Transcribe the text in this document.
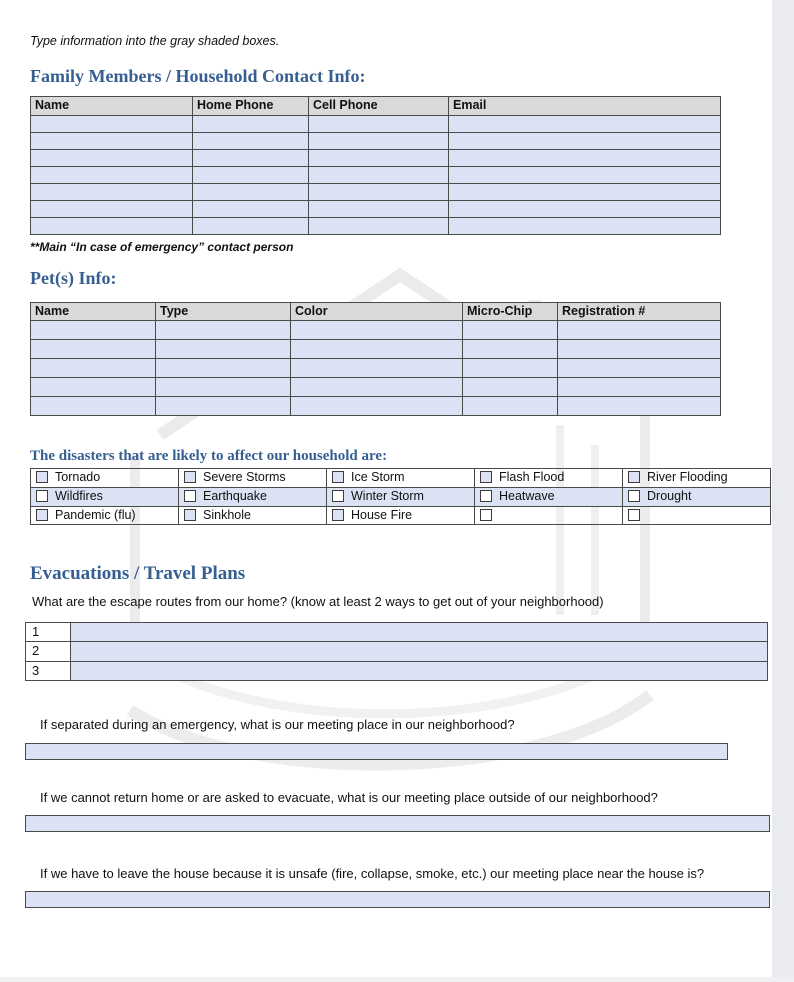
Type information into the gray shaded boxes.

Family Members / Household Contact Info:
Name	Home Phone	Cell Phone	Email

**Main “In case of emergency” contact person

Pet(s) Info:
Name	Type	Color	Micro-Chip	Registration #

The disasters that are likely to affect our household are:
Tornado	Severe Storms	Ice Storm	Flash Flood	River Flooding
Wildfires	Earthquake	Winter Storm	Heatwave	Drought
Pandemic (flu)	Sinkhole	House Fire		
Evacuations / Travel Plans

What are the escape routes from our home? (know at least 2 ways to get out of your neighborhood)

1	
2	
3	

If separated during an emergency, what is our meeting place in our neighborhood?

If we cannot return home or are asked to evacuate, what is our meeting place outside of our neighborhood?

If we have to leave the house because it is unsafe (fire, collapse, smoke, etc.) our meeting place near the house is?
